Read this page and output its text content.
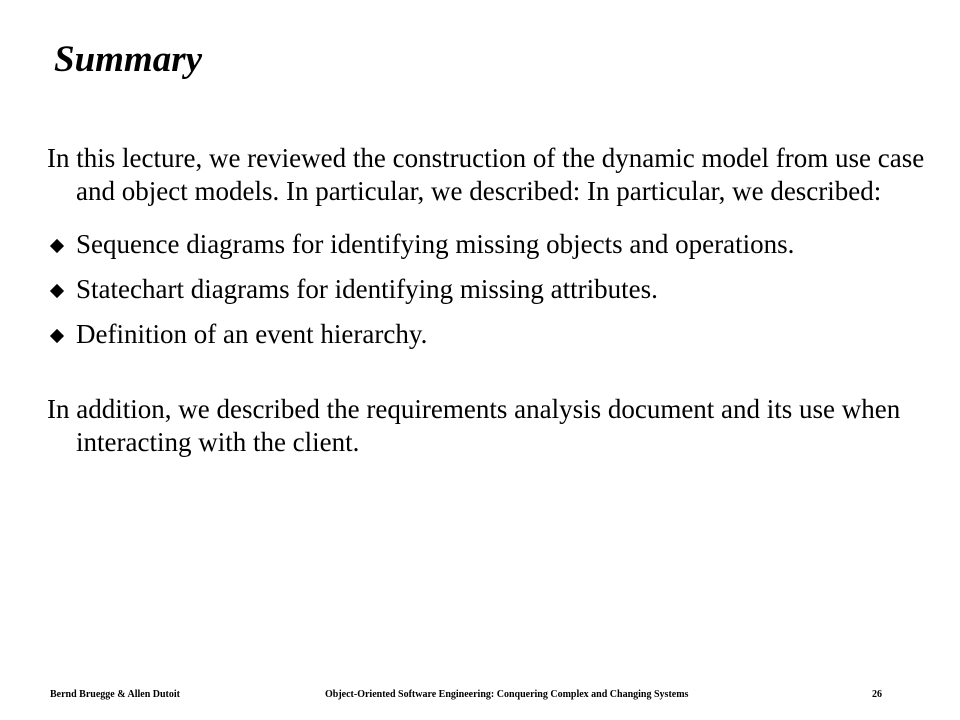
Summary

In this lecture, we reviewed the construction of the dynamic model from use case and object models. In particular, we described: In particular, we described:

Sequence diagrams for identifying missing objects and operations.
Statechart diagrams for identifying missing attributes.
Definition of an event hierarchy.

In addition, we described the requirements analysis document and its use when interacting with the client.

Bernd Bruegge & Allen Dutoit	Object-Oriented Software Engineering: Conquering Complex and Changing Systems	26
